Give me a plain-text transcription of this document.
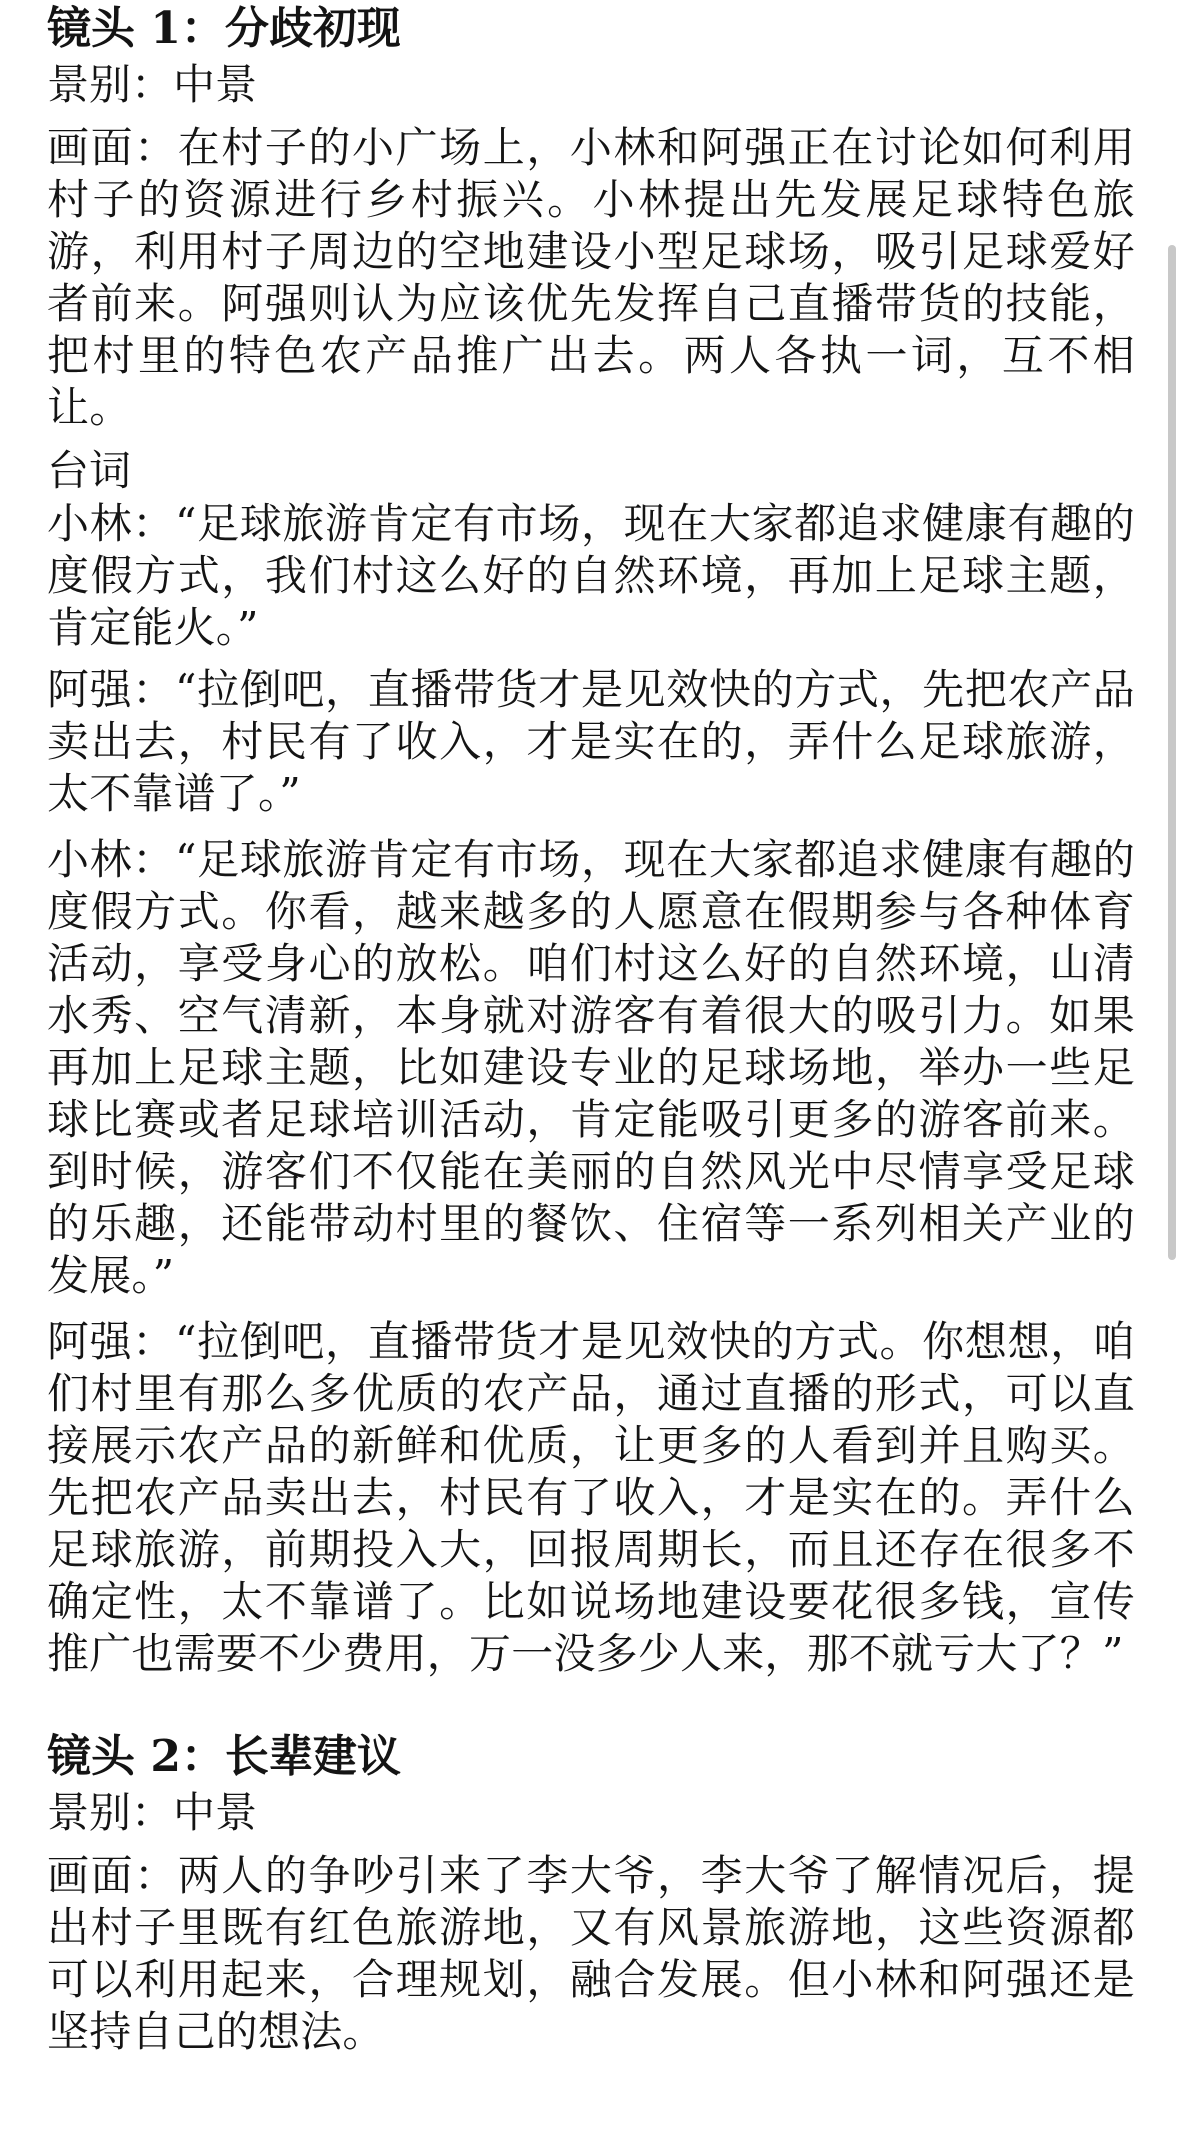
镜头 1：分歧初现

景别：中景

画面：在村子的小广场上，小林和阿强正在讨论如何利用村子的资源进行乡村振兴。小林提出先发展足球特色旅游，利用村子周边的空地建设小型足球场，吸引足球爱好者前来。阿强则认为应该优先发挥自己直播带货的技能，把村里的特色农产品推广出去。两人各执一词，互不相让。

台词

小林：“足球旅游肯定有市场，现在大家都追求健康有趣的度假方式，我们村这么好的自然环境，再加上足球主题，肯定能火。”

阿强：“拉倒吧，直播带货才是见效快的方式，先把农产品卖出去，村民有了收入，才是实在的，弄什么足球旅游，太不靠谱了。”

小林：“足球旅游肯定有市场，现在大家都追求健康有趣的度假方式。你看，越来越多的人愿意在假期参与各种体育活动，享受身心的放松。咱们村这么好的自然环境，山清水秀、空气清新，本身就对游客有着很大的吸引力。如果再加上足球主题，比如建设专业的足球场地，举办一些足球比赛或者足球培训活动，肯定能吸引更多的游客前来。到时候，游客们不仅能在美丽的自然风光中尽情享受足球的乐趣，还能带动村里的餐饮、住宿等一系列相关产业的发展。”

阿强：“拉倒吧，直播带货才是见效快的方式。你想想，咱们村里有那么多优质的农产品，通过直播的形式，可以直接展示农产品的新鲜和优质，让更多的人看到并且购买。先把农产品卖出去，村民有了收入，才是实在的。弄什么足球旅游，前期投入大，回报周期长，而且还存在很多不确定性，太不靠谱了。比如说场地建设要花很多钱，宣传推广也需要不少费用，万一没多少人来，那不就亏大了？”

镜头 2：长辈建议

景别：中景

画面：两人的争吵引来了李大爷，李大爷了解情况后，提出村子里既有红色旅游地，又有风景旅游地，这些资源都可以利用起来，合理规划，融合发展。但小林和阿强还是坚持自己的想法。
